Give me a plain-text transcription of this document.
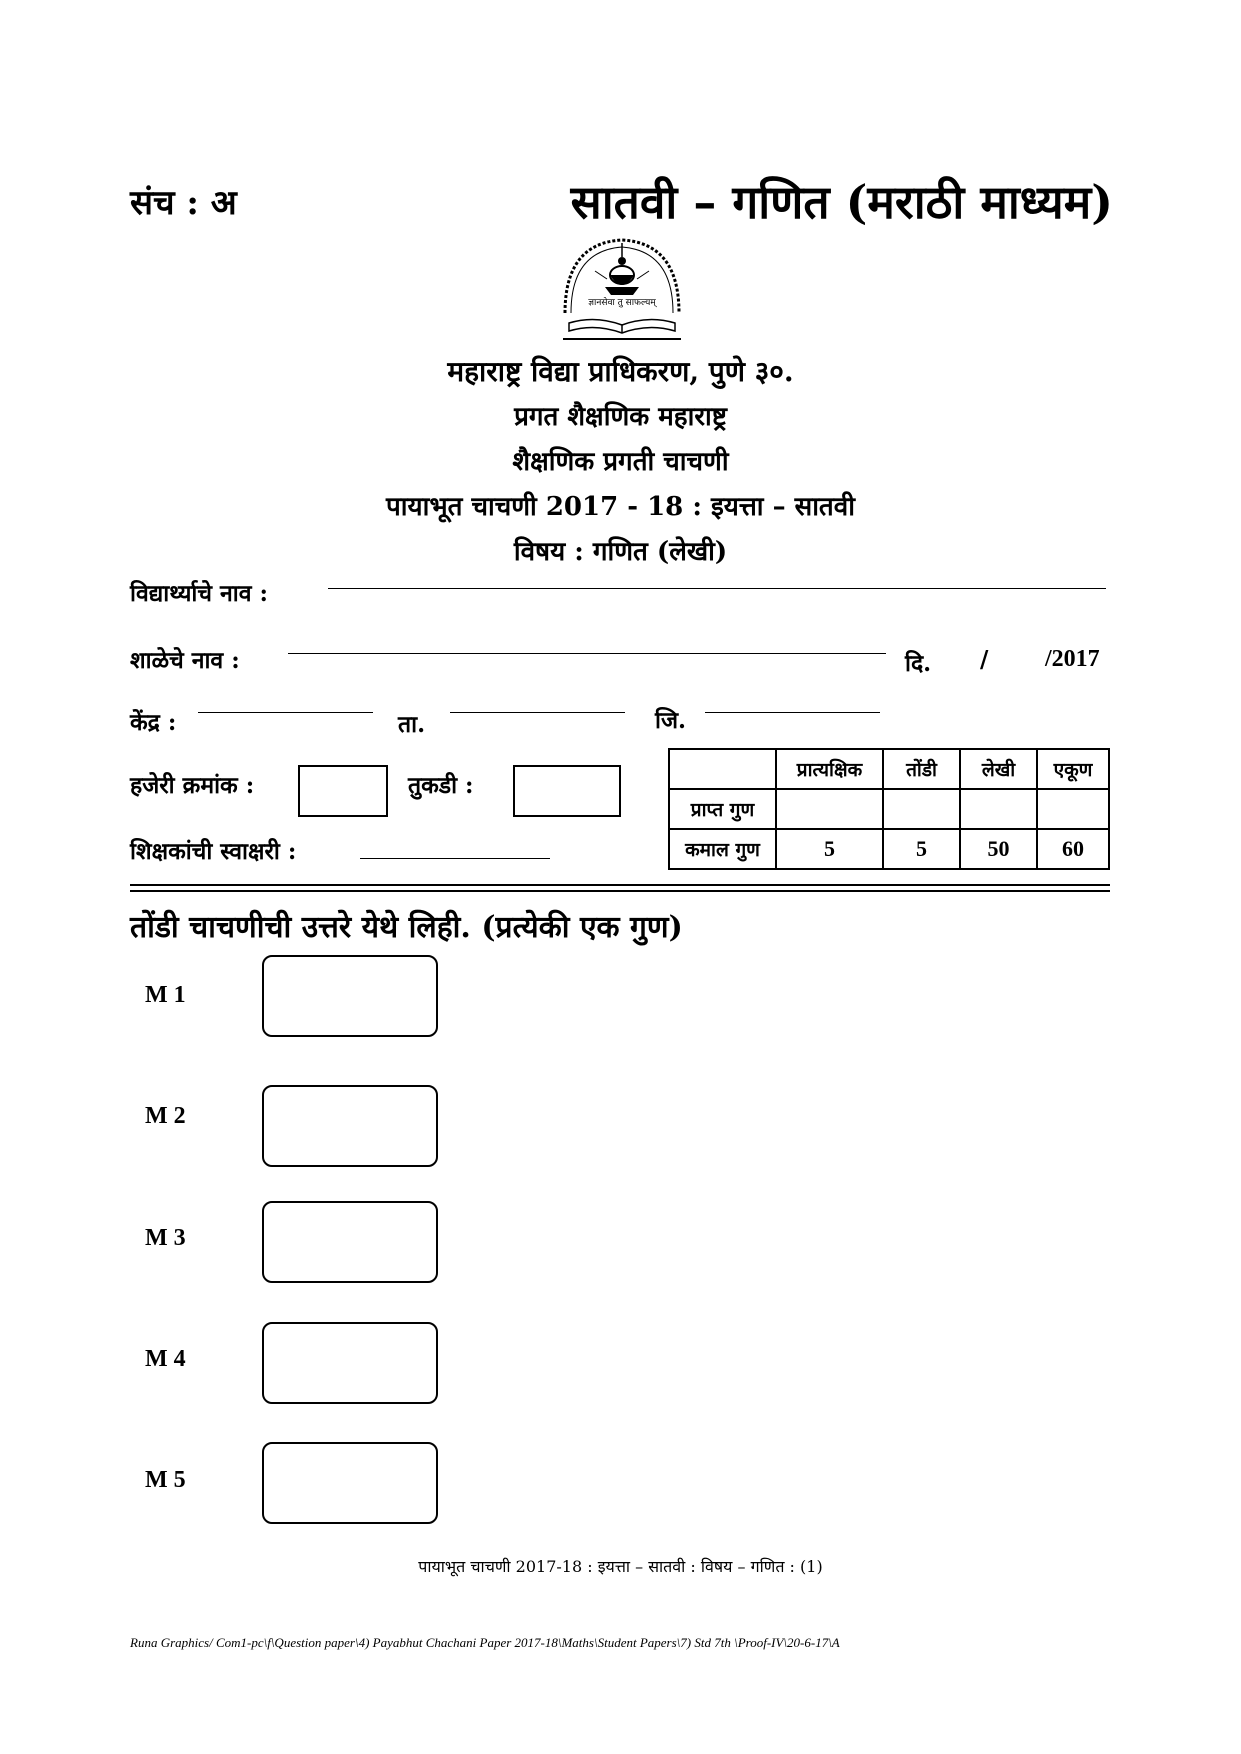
संच : अ	सातवी – गणित (मराठी माध्यम)
ज्ञानसेवा तु साफल्यम्
महाराष्ट्र विद्या प्राधिकरण, पुणे ३०.
प्रगत शैक्षणिक महाराष्ट्र
शैक्षणिक प्रगती चाचणी
पायाभूत चाचणी 2017 - 18 : इयत्ता – सातवी
विषय : गणित (लेखी)
विद्यार्थ्याचे नाव :
शाळेचे नाव :	दि. / /2017
केंद्र :	ता.	जि.
हजेरी क्रमांक :	तुकडी :
शिक्षकांची स्वाक्षरी :
	प्रात्यक्षिक	तोंडी	लेखी	एकूण
प्राप्त गुण				
कमाल गुण	5	5	50	60
तोंडी चाचणीची उत्तरे येथे लिही. (प्रत्येकी एक गुण)
M 1
M 2
M 3
M 4
M 5
पायाभूत चाचणी 2017-18 : इयत्ता – सातवी : विषय – गणित : (1)
Runa Graphics/ Com1-pc\f\Question paper\4) Payabhut Chachani Paper 2017-18\Maths\Student Papers\7) Std 7th \Proof-IV\20-6-17\A
